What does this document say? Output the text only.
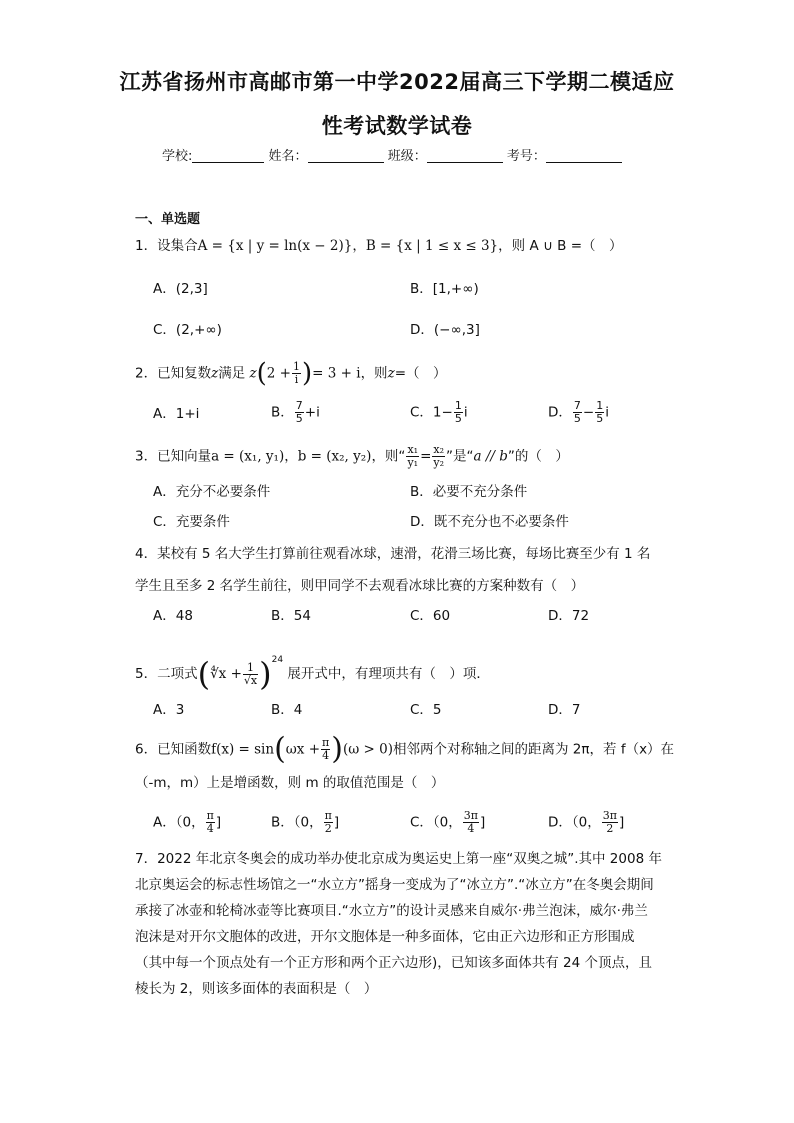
江苏省扬州市高邮市第一中学2022届高三下学期二模适应
性考试数学试卷
学校:	姓名：	班级：	考号：
一、单选题
1．设集合A = {x | y = ln(x − 2)}，B = {x | 1 ≤ x ≤ 3}，则 A ∪ B =（　）
A．(2,3]	B．[1,+∞)
C．(2,+∞)	D．(−∞,3]
2．已知复数z满足 $z(2 + \frac{1}{i}$ )= 3 + i，则z=（　）
A．1+i	B． $\frac{7}{5} +i$	C．$1- \frac{1}{5}$ i	D． $\frac{7}{5} - \frac{1}{5}$ i
3．已知向量a = (x₁, y₁)，b = (x₂, y₂)，则“ $\frac{\text{x₁}}{\text{y₁}} = \frac{\text{x₂}}{\text{y₂}}$ ”是“a // b”的（　）
A．充分不必要条件	B．必要不充分条件
C．充要条件	D．既不充分也不必要条件
4．某校有 5 名大学生打算前往观看冰球，速滑，花滑三场比赛，每场比赛至少有 1 名
学生且至多 2 名学生前往，则甲同学不去观看冰球比赛的方案种数有（　）
A．48	B．54	C．60	D．72
5．二项式(∜x + $\frac{1}{√x} )^{24}$ 展开式中，有理项共有（　）项．
A．3	B．4	C．5	D．7
6．已知函数$f(x) = \sin(\omega x + \frac{\pi}{4} )(\omega > 0)$相邻两个对称轴之间的距离为 2π，若 f（x）在
（-m，m）上是增函数，则 m 的取值范围是（　）
A．（0， $\frac{\pi}{4}$ ]	B．（0， $\frac{\pi}{2}$ ]	C．（0， $\frac{3\pi}{4}$ ]	D．（0， $\frac{3\pi}{2}$ ]
7．2022 年北京冬奥会的成功举办使北京成为奥运史上第一座“双奥之城”.其中 2008 年
北京奥运会的标志性场馆之一“水立方”摇身一变成为了“冰立方”.“冰立方”在冬奥会期间
承接了冰壶和轮椅冰壶等比赛项目.“水立方”的设计灵感来自威尔·弗兰泡沫，威尔·弗兰
泡沫是对开尔文胞体的改进，开尔文胞体是一种多面体，它由正六边形和正方形围成
（其中每一个顶点处有一个正方形和两个正六边形)，已知该多面体共有 24 个顶点，且
棱长为 2，则该多面体的表面积是（　）
